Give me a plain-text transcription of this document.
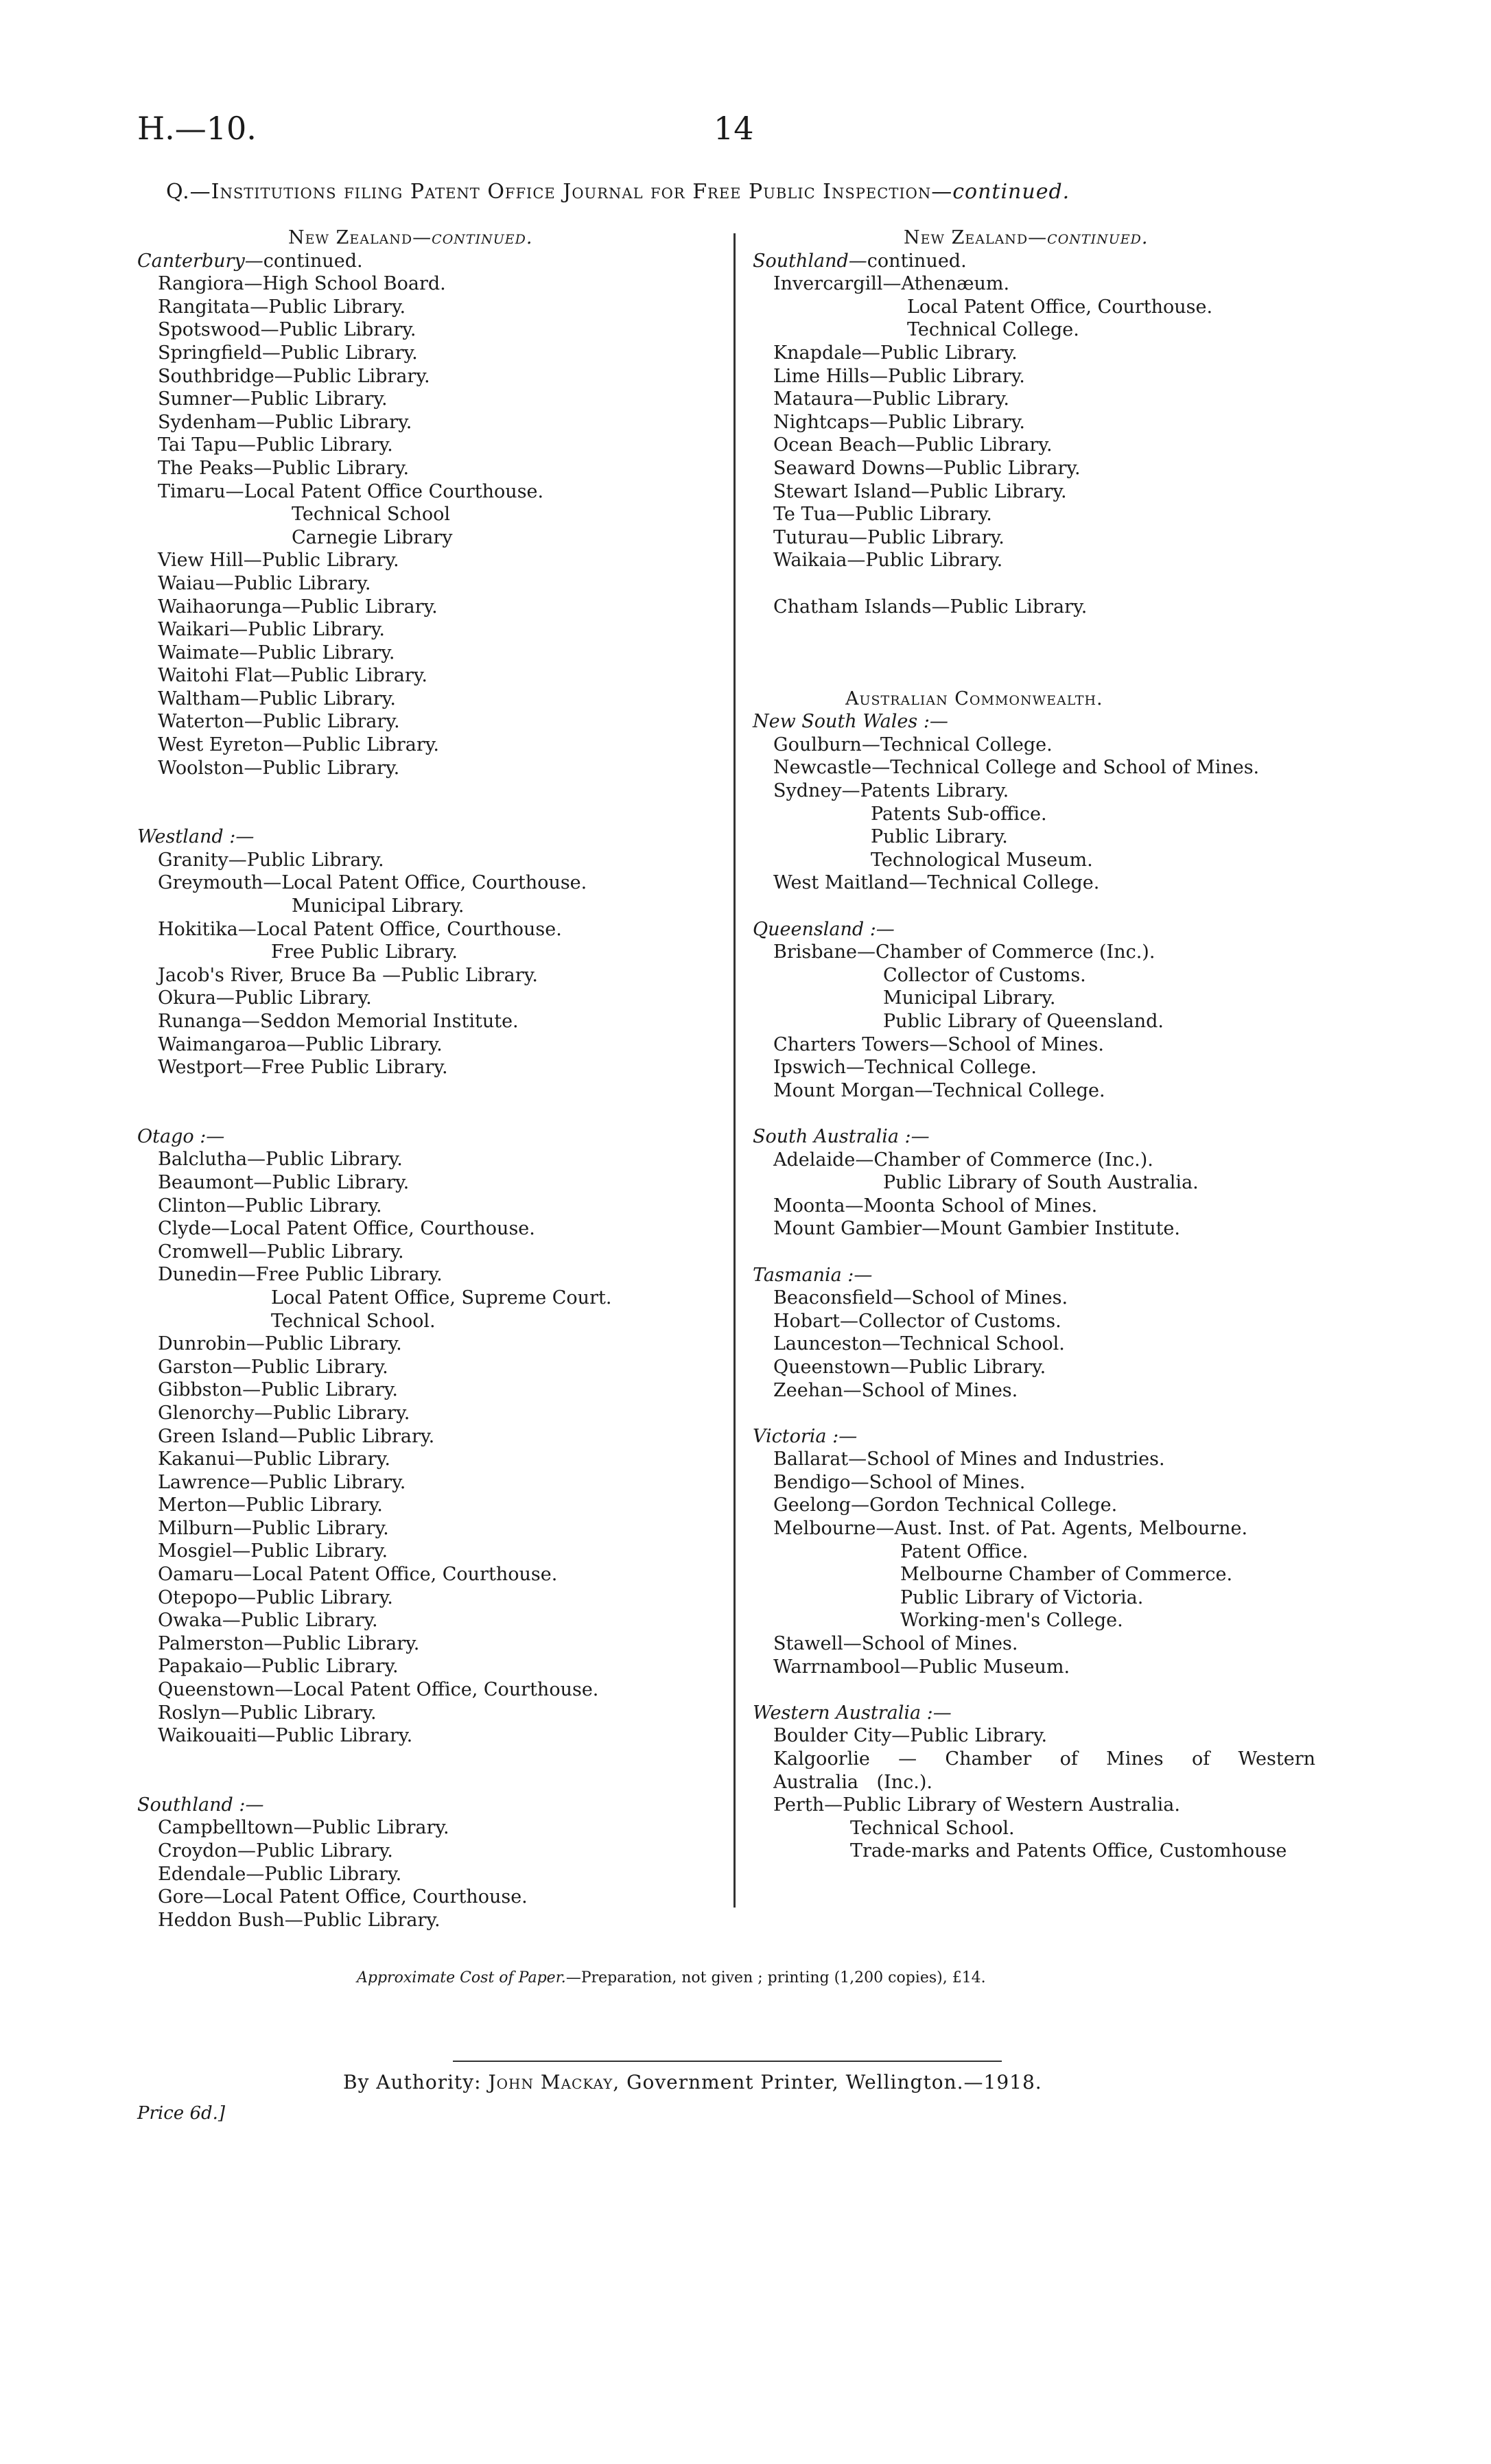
H.—10.	14
Q.—Institutions filing Patent Office Journal for Free Public Inspection—continued.
New Zealand—continued.
Canterbury—continued.
Rangiora—High School Board.
Rangitata—Public Library.
Spotswood—Public Library.
Springfield—Public Library.
Southbridge—Public Library.
Sumner—Public Library.
Sydenham—Public Library.
Tai Tapu—Public Library.
The Peaks—Public Library.
Timaru—Local Patent Office Courthouse.
Technical School
Carnegie Library
View Hill—Public Library.
Waiau—Public Library.
Waihaorunga—Public Library.
Waikari—Public Library.
Waimate—Public Library.
Waitohi Flat—Public Library.
Waltham—Public Library.
Waterton—Public Library.
West Eyreton—Public Library.
Woolston—Public Library.
Westland :—
Granity—Public Library.
Greymouth—Local Patent Office, Courthouse.
Municipal Library.
Hokitika—Local Patent Office, Courthouse.
Free Public Library.
Jacob's River, Bruce Ba —Public Library.
Okura—Public Library.
Runanga—Seddon Memorial Institute.
Waimangaroa—Public Library.
Westport—Free Public Library.
Otago :—
Balclutha—Public Library.
Beaumont—Public Library.
Clinton—Public Library.
Clyde—Local Patent Office, Courthouse.
Cromwell—Public Library.
Dunedin—Free Public Library.
Local Patent Office, Supreme Court.
Technical School.
Dunrobin—Public Library.
Garston—Public Library.
Gibbston—Public Library.
Glenorchy—Public Library.
Green Island—Public Library.
Kakanui—Public Library.
Lawrence—Public Library.
Merton—Public Library.
Milburn—Public Library.
Mosgiel—Public Library.
Oamaru—Local Patent Office, Courthouse.
Otepopo—Public Library.
Owaka—Public Library.
Palmerston—Public Library.
Papakaio—Public Library.
Queenstown—Local Patent Office, Courthouse.
Roslyn—Public Library.
Waikouaiti—Public Library.
Southland :—
Campbelltown—Public Library.
Croydon—Public Library.
Edendale—Public Library.
Gore—Local Patent Office, Courthouse.
Heddon Bush—Public Library.
New Zealand—continued.
Southland—continued.
Invercargill—Athenæum.
Local Patent Office, Courthouse.
Technical College.
Knapdale—Public Library.
Lime Hills—Public Library.
Mataura—Public Library.
Nightcaps—Public Library.
Ocean Beach—Public Library.
Seaward Downs—Public Library.
Stewart Island—Public Library.
Te Tua—Public Library.
Tuturau—Public Library.
Waikaia—Public Library.
Chatham Islands—Public Library.
Australian Commonwealth.
New South Wales :—
Goulburn—Technical College.
Newcastle—Technical College and School of Mines.
Sydney—Patents Library.
Patents Sub-office.
Public Library.
Technological Museum.
West Maitland—Technical College.
Queensland :—
Brisbane—Chamber of Commerce (Inc.).
Collector of Customs.
Municipal Library.
Public Library of Queensland.
Charters Towers—School of Mines.
Ipswich—Technical College.
Mount Morgan—Technical College.
South Australia :—
Adelaide—Chamber of Commerce (Inc.).
Public Library of South Australia.
Moonta—Moonta School of Mines.
Mount Gambier—Mount Gambier Institute.
Tasmania :—
Beaconsfield—School of Mines.
Hobart—Collector of Customs.
Launceston—Technical School.
Queenstown—Public Library.
Zeehan—School of Mines.
Victoria :—
Ballarat—School of Mines and Industries.
Bendigo—School of Mines.
Geelong—Gordon Technical College.
Melbourne—Aust. Inst. of Pat. Agents, Melbourne.
Patent Office.
Melbourne Chamber of Commerce.
Public Library of Victoria.
Working-men's College.
Stawell—School of Mines.
Warrnambool—Public Museum.
Western Australia :—
Boulder City—Public Library.
Kalgoorlie — Chamber of Mines of Western Australia (Inc.).
Perth—Public Library of Western Australia.
Technical School.
Trade-marks and Patents Office, Customhouse
Approximate Cost of Paper.—Preparation, not given ; printing (1,200 copies), £14.
By Authority: John Mackay, Government Printer, Wellington.—1918.
Price 6d.]
